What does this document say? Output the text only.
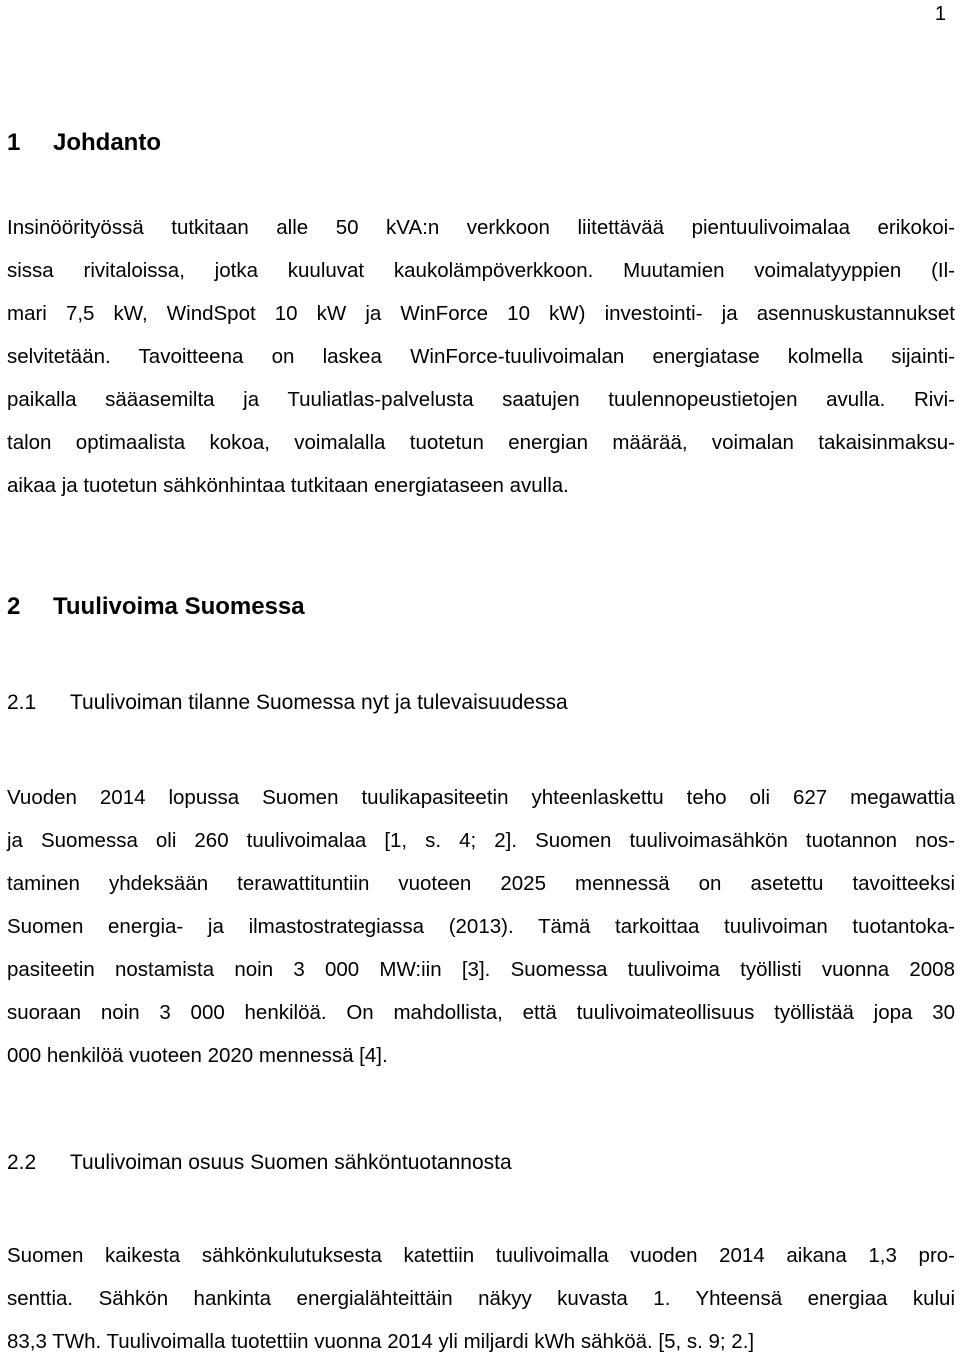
1
1 Johdanto
Insinöörityössä tutkitaan alle 50 kVA:n verkkoon liitettävää pientuulivoimalaa erikokoi-
sissa rivitaloissa, jotka kuuluvat kaukolämpöverkkoon. Muutamien voimalatyyppien (Il-
mari 7,5 kW, WindSpot 10 kW ja WinForce 10 kW) investointi- ja asennuskustannukset
selvitetään. Tavoitteena on laskea WinForce-tuulivoimalan energiatase kolmella sijainti-
paikalla sääasemilta ja Tuuliatlas-palvelusta saatujen tuulennopeustietojen avulla. Rivi-
talon optimaalista kokoa, voimalalla tuotetun energian määrää, voimalan takaisinmaksu-
aikaa ja tuotetun sähkönhintaa tutkitaan energiataseen avulla.
2 Tuulivoima Suomessa
2.1 Tuulivoiman tilanne Suomessa nyt ja tulevaisuudessa
Vuoden 2014 lopussa Suomen tuulikapasiteetin yhteenlaskettu teho oli 627 megawattia
ja Suomessa oli 260 tuulivoimalaa [1, s. 4; 2]. Suomen tuulivoimasähkön tuotannon nos-
taminen yhdeksään terawattituntiin vuoteen 2025 mennessä on asetettu tavoitteeksi
Suomen energia- ja ilmastostrategiassa (2013). Tämä tarkoittaa tuulivoiman tuotantoka-
pasiteetin nostamista noin 3 000 MW:iin [3]. Suomessa tuulivoima työllisti vuonna 2008
suoraan noin 3 000 henkilöä. On mahdollista, että tuulivoimateollisuus työllistää jopa 30
000 henkilöä vuoteen 2020 mennessä [4].
2.2 Tuulivoiman osuus Suomen sähköntuotannosta
Suomen kaikesta sähkönkulutuksesta katettiin tuulivoimalla vuoden 2014 aikana 1,3 pro-
senttia. Sähkön hankinta energialähteittäin näkyy kuvasta 1. Yhteensä energiaa kului
83,3 TWh. Tuulivoimalla tuotettiin vuonna 2014 yli miljardi kWh sähköä. [5, s. 9; 2.]
